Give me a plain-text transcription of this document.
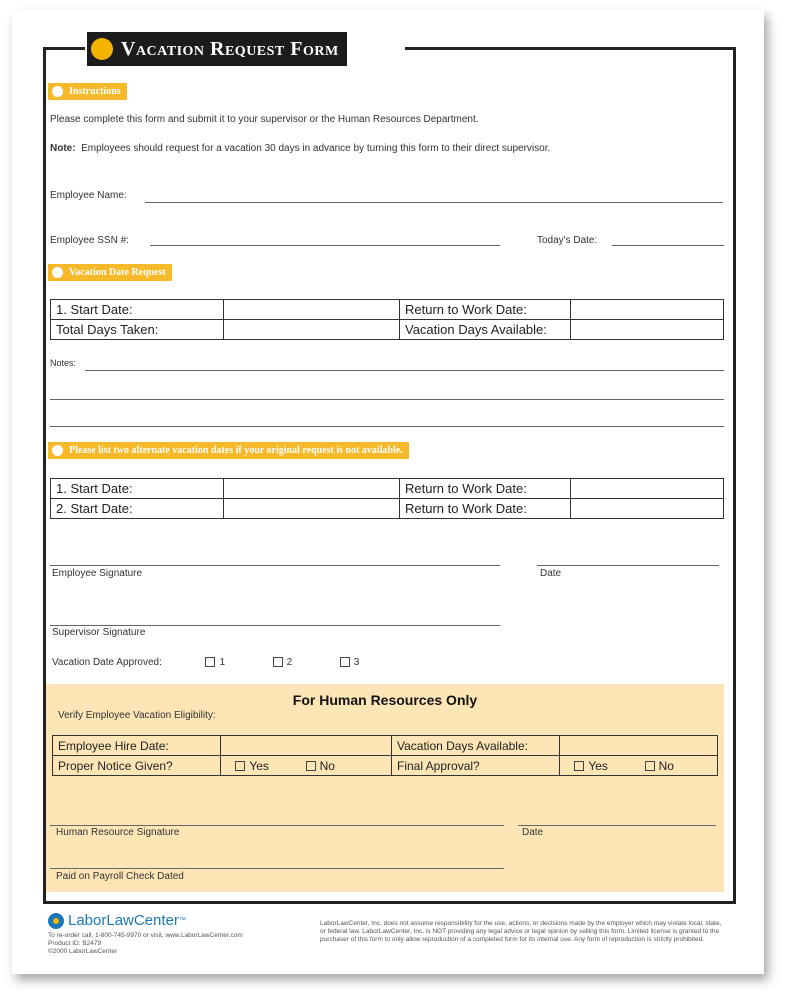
Vacation Request Form
Instructions
Please complete this form and submit it to your supervisor or the Human Resources Department.
Note: Employees should request for a vacation 30 days in advance by turning this form to their direct supervisor.
Employee Name:
Employee SSN #:	Today's Date:
Vacation Date Request
1. Start Date:		Return to Work Date:	
Total Days Taken:		Vacation Days Available:	
Notes:
Please list two alternate vacation dates if your original request is not available.
1. Start Date:		Return to Work Date:	
2. Start Date:		Return to Work Date:	
Employee Signature	Date
Supervisor Signature
Vacation Date Approved:	1	2	3
For Human Resources Only
Verify Employee Vacation Eligibility:
Employee Hire Date:		Vacation Days Available:	
Proper Notice Given?	Yes No	Final Approval?	Yes No
Human Resource Signature	Date
Paid on Payroll Check Dated
LaborLawCenter ™
To re-order call, 1-800-745-9970 or visit, www.LaborLawCenter.com
Product ID: B2479
©2000 LaborLawCenter
LaborLawCenter, Inc. does not assume responsibility for the use, actions, or decisions made by the employer which may violate local, state, or federal law. LaborLawCenter, Inc. is NOT providing any legal advice or legal opinion by selling this form. Limited license is granted to the purchaser of this form to only allow reproduction of a completed form for its internal use. Any form of reproduction is strictly prohibited.
